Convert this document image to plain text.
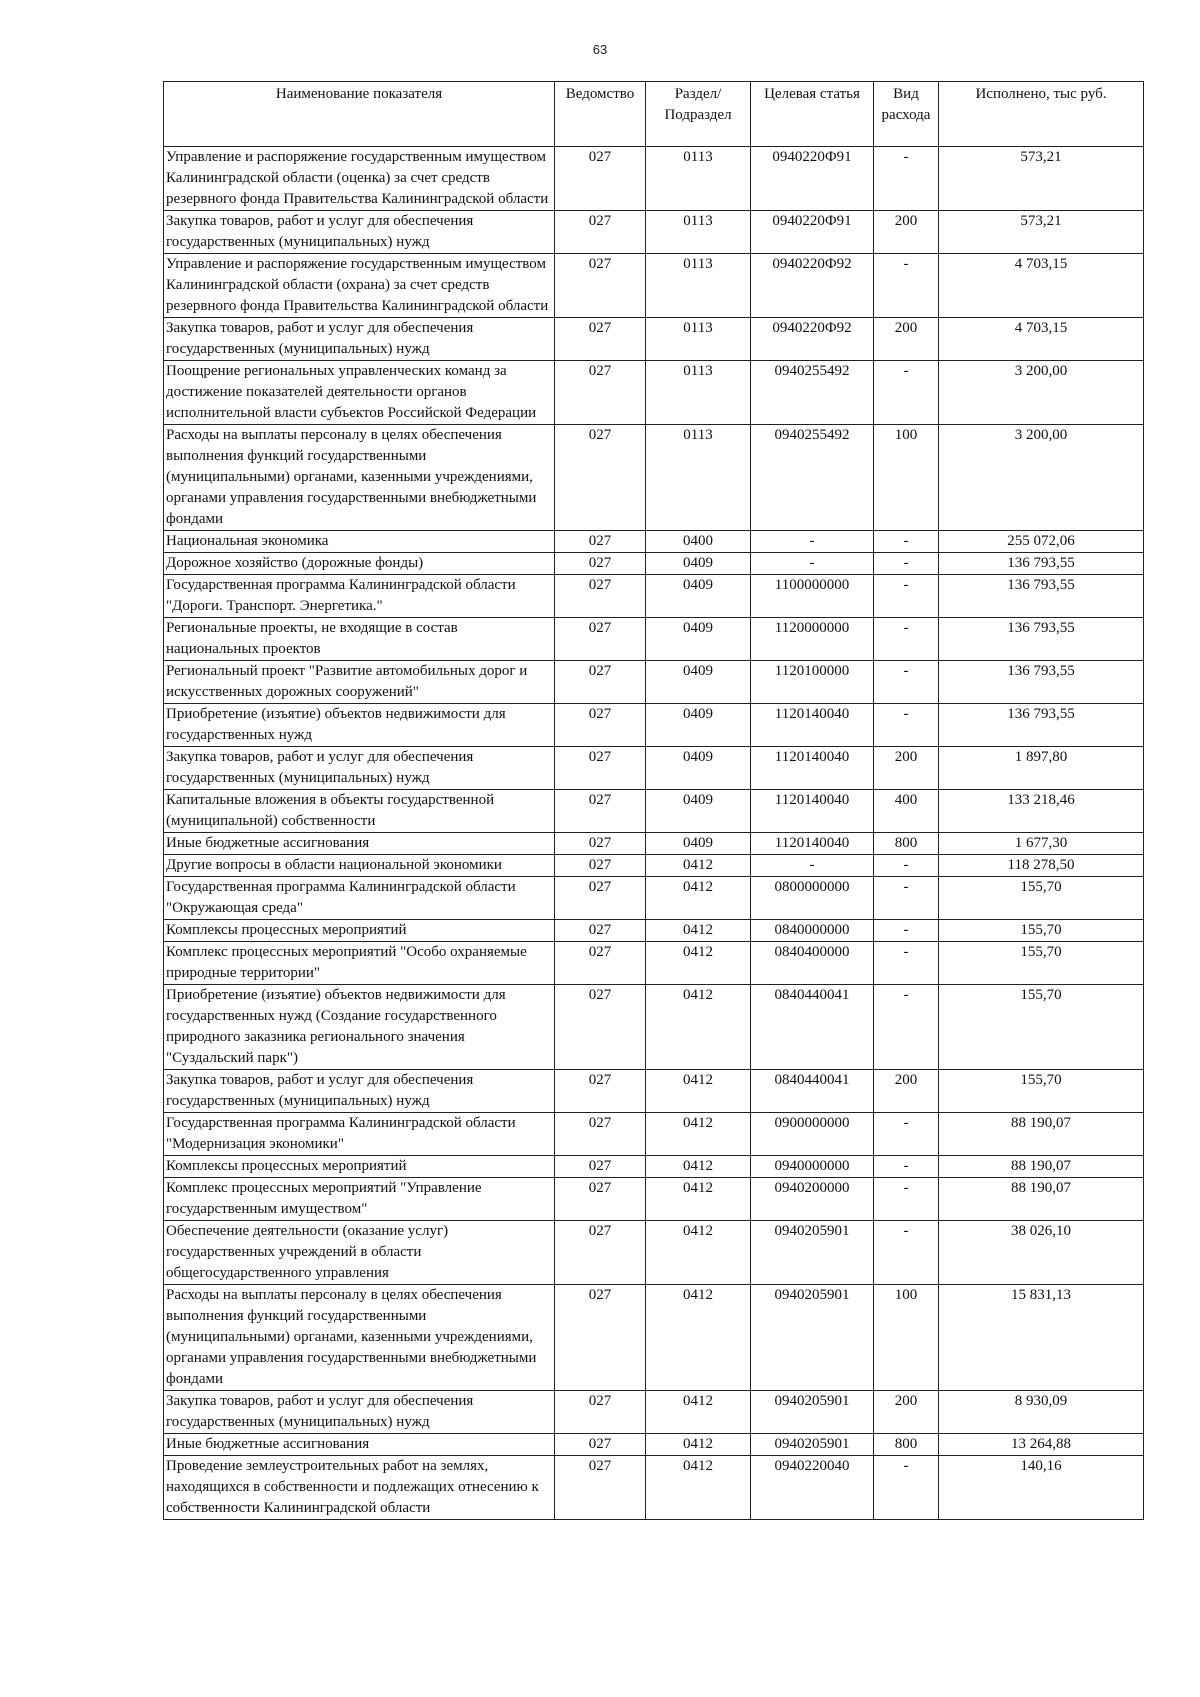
63
Наименование показателя	Ведомство	Раздел/ Подраздел	Целевая статья	Вид расхода	Исполнено, тыс руб.
Управление и распоряжение государственным имуществом Калининградской области (оценка) за счет средств резервного фонда Правительства Калининградской области	027	0113	0940220Ф91	-	573,21
Закупка товаров, работ и услуг для обеспечения государственных (муниципальных) нужд	027	0113	0940220Ф91	200	573,21
Управление и распоряжение государственным имуществом Калининградской области (охрана) за счет средств резервного фонда Правительства Калининградской области	027	0113	0940220Ф92	-	4 703,15
Закупка товаров, работ и услуг для обеспечения государственных (муниципальных) нужд	027	0113	0940220Ф92	200	4 703,15
Поощрение региональных управленческих команд за достижение показателей деятельности органов исполнительной власти субъектов Российской Федерации	027	0113	0940255492	-	3 200,00
Расходы на выплаты персоналу в целях обеспечения выполнения функций государственными (муниципальными) органами, казенными учреждениями, органами управления государственными внебюджетными фондами	027	0113	0940255492	100	3 200,00
Национальная экономика	027	0400	-	-	255 072,06
Дорожное хозяйство (дорожные фонды)	027	0409	-	-	136 793,55
Государственная программа Калининградской области "Дороги. Транспорт. Энергетика."	027	0409	1100000000	-	136 793,55
Региональные проекты, не входящие в состав национальных проектов	027	0409	1120000000	-	136 793,55
Региональный проект "Развитие автомобильных дорог и искусственных дорожных сооружений"	027	0409	1120100000	-	136 793,55
Приобретение (изъятие) объектов недвижимости для государственных нужд	027	0409	1120140040	-	136 793,55
Закупка товаров, работ и услуг для обеспечения государственных (муниципальных) нужд	027	0409	1120140040	200	1 897,80
Капитальные вложения в объекты государственной (муниципальной) собственности	027	0409	1120140040	400	133 218,46
Иные бюджетные ассигнования	027	0409	1120140040	800	1 677,30
Другие вопросы в области национальной экономики	027	0412	-	-	118 278,50
Государственная программа Калининградской области "Окружающая среда"	027	0412	0800000000	-	155,70
Комплексы процессных мероприятий	027	0412	0840000000	-	155,70
Комплекс процессных мероприятий "Особо охраняемые природные территории"	027	0412	0840400000	-	155,70
Приобретение (изъятие) объектов недвижимости для государственных нужд (Создание государственного природного заказника регионального значения "Суздальский парк")	027	0412	0840440041	-	155,70
Закупка товаров, работ и услуг для обеспечения государственных (муниципальных) нужд	027	0412	0840440041	200	155,70
Государственная программа Калининградской области "Модернизация экономики"	027	0412	0900000000	-	88 190,07
Комплексы процессных мероприятий	027	0412	0940000000	-	88 190,07
Комплекс процессных мероприятий "Управление государственным имуществом"	027	0412	0940200000	-	88 190,07
Обеспечение деятельности (оказание услуг) государственных учреждений в области общегосударственного управления	027	0412	0940205901	-	38 026,10
Расходы на выплаты персоналу в целях обеспечения выполнения функций государственными (муниципальными) органами, казенными учреждениями, органами управления государственными внебюджетными фондами	027	0412	0940205901	100	15 831,13
Закупка товаров, работ и услуг для обеспечения государственных (муниципальных) нужд	027	0412	0940205901	200	8 930,09
Иные бюджетные ассигнования	027	0412	0940205901	800	13 264,88
Проведение землеустроительных работ на землях, находящихся в собственности и подлежащих отнесению к собственности Калининградской области	027	0412	0940220040	-	140,16
